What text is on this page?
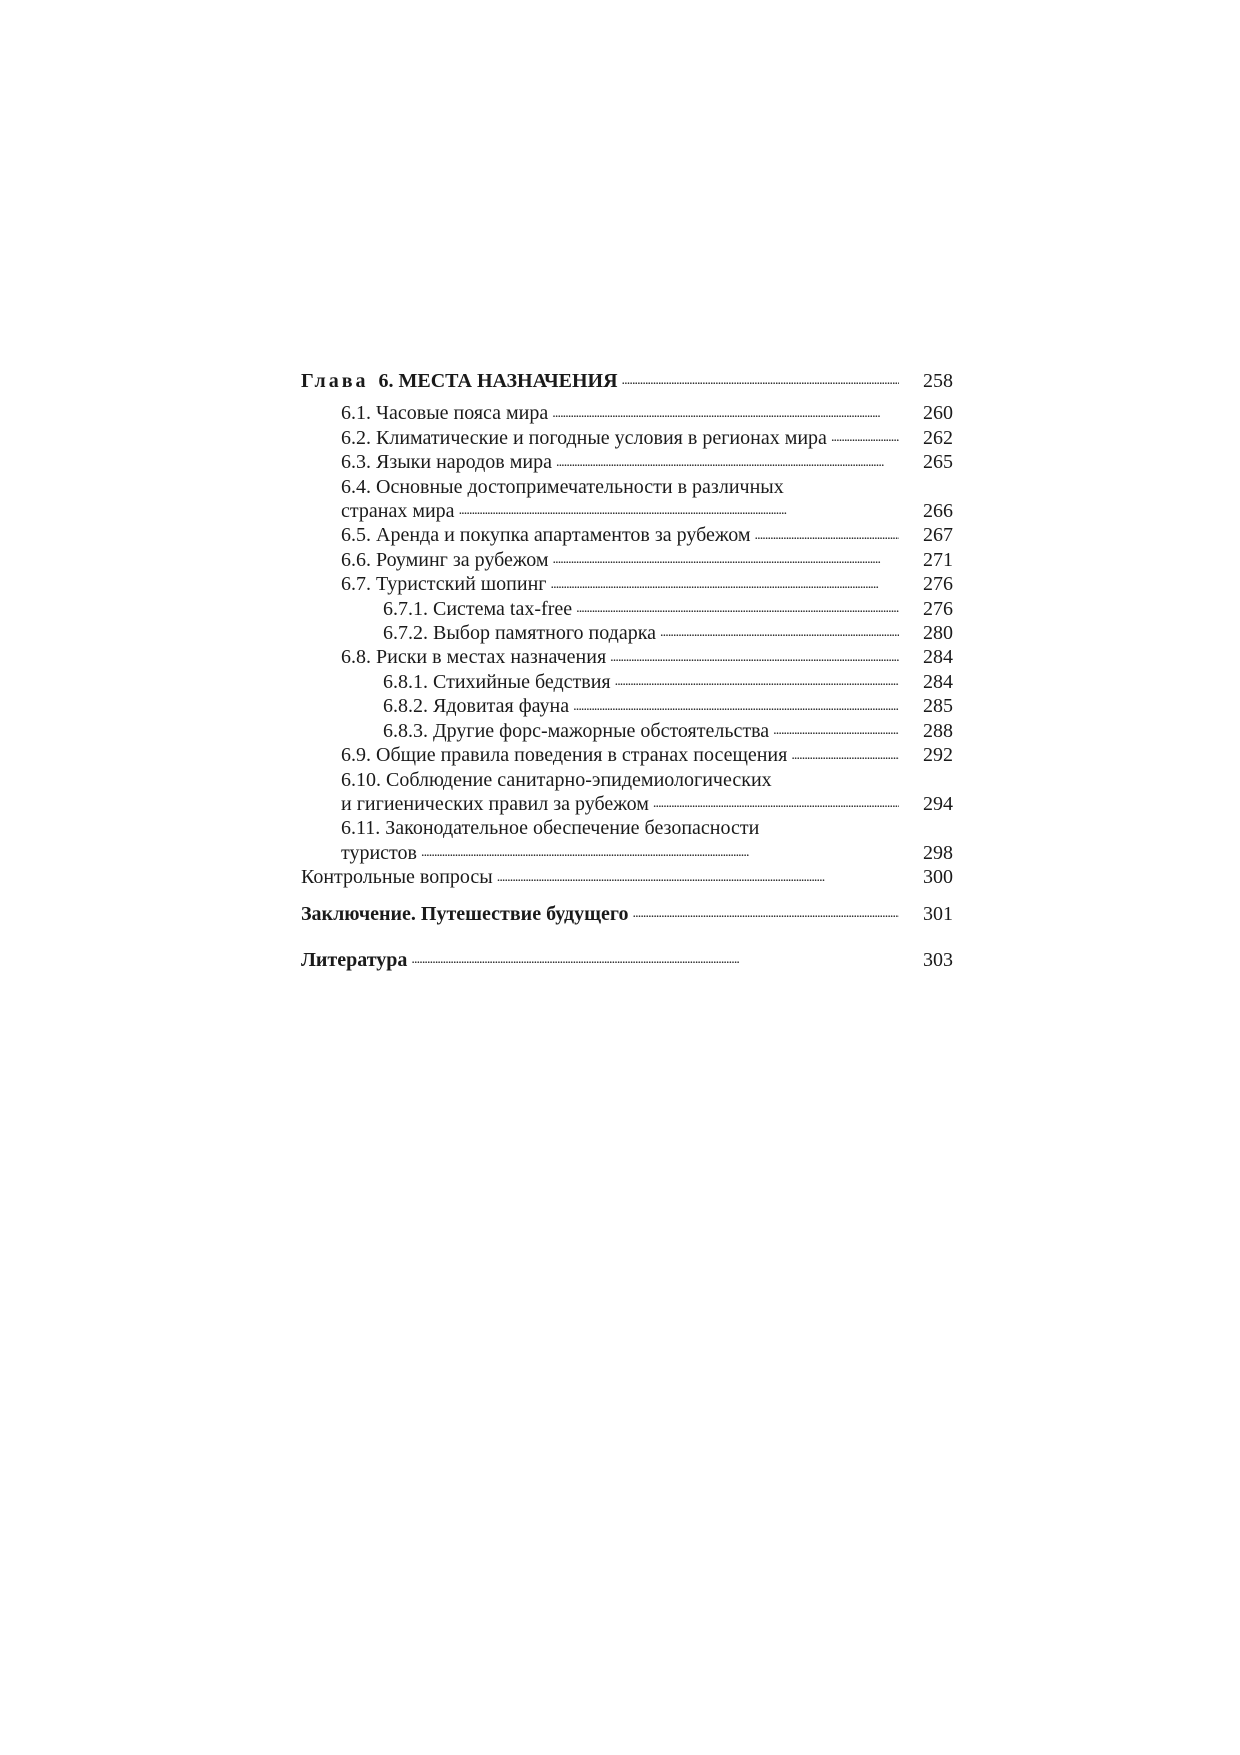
Глава 6. МЕСТА НАЗНАЧЕНИЯ . . .	258
6.1. Часовые пояса мира . . .	260
6.2. Климатические и погодные условия в регионах мира . . .	262
6.3. Языки народов мира . . .	265
6.4. Основные достопримечательности в различных
странах мира . . .	266
6.5. Аренда и покупка апартаментов за рубежом . . .	267
6.6. Роуминг за рубежом . . .	271
6.7. Туристский шопинг . . .	276
6.7.1. Система tax-free . . .	276
6.7.2. Выбор памятного подарка . . .	280
6.8. Риски в местах назначения . . .	284
6.8.1. Стихийные бедствия . . .	284
6.8.2. Ядовитая фауна . . .	285
6.8.3. Другие форс-мажорные обстоятельства . . .	288
6.9. Общие правила поведения в странах посещения . . .	292
6.10. Соблюдение санитарно-эпидемиологических
и гигиенических правил за рубежом . . .	294
6.11. Законодательное обеспечение безопасности
туристов . . .	298
Контрольные вопросы . . .	300
Заключение. Путешествие будущего . . .	301
Литература . . .	303
